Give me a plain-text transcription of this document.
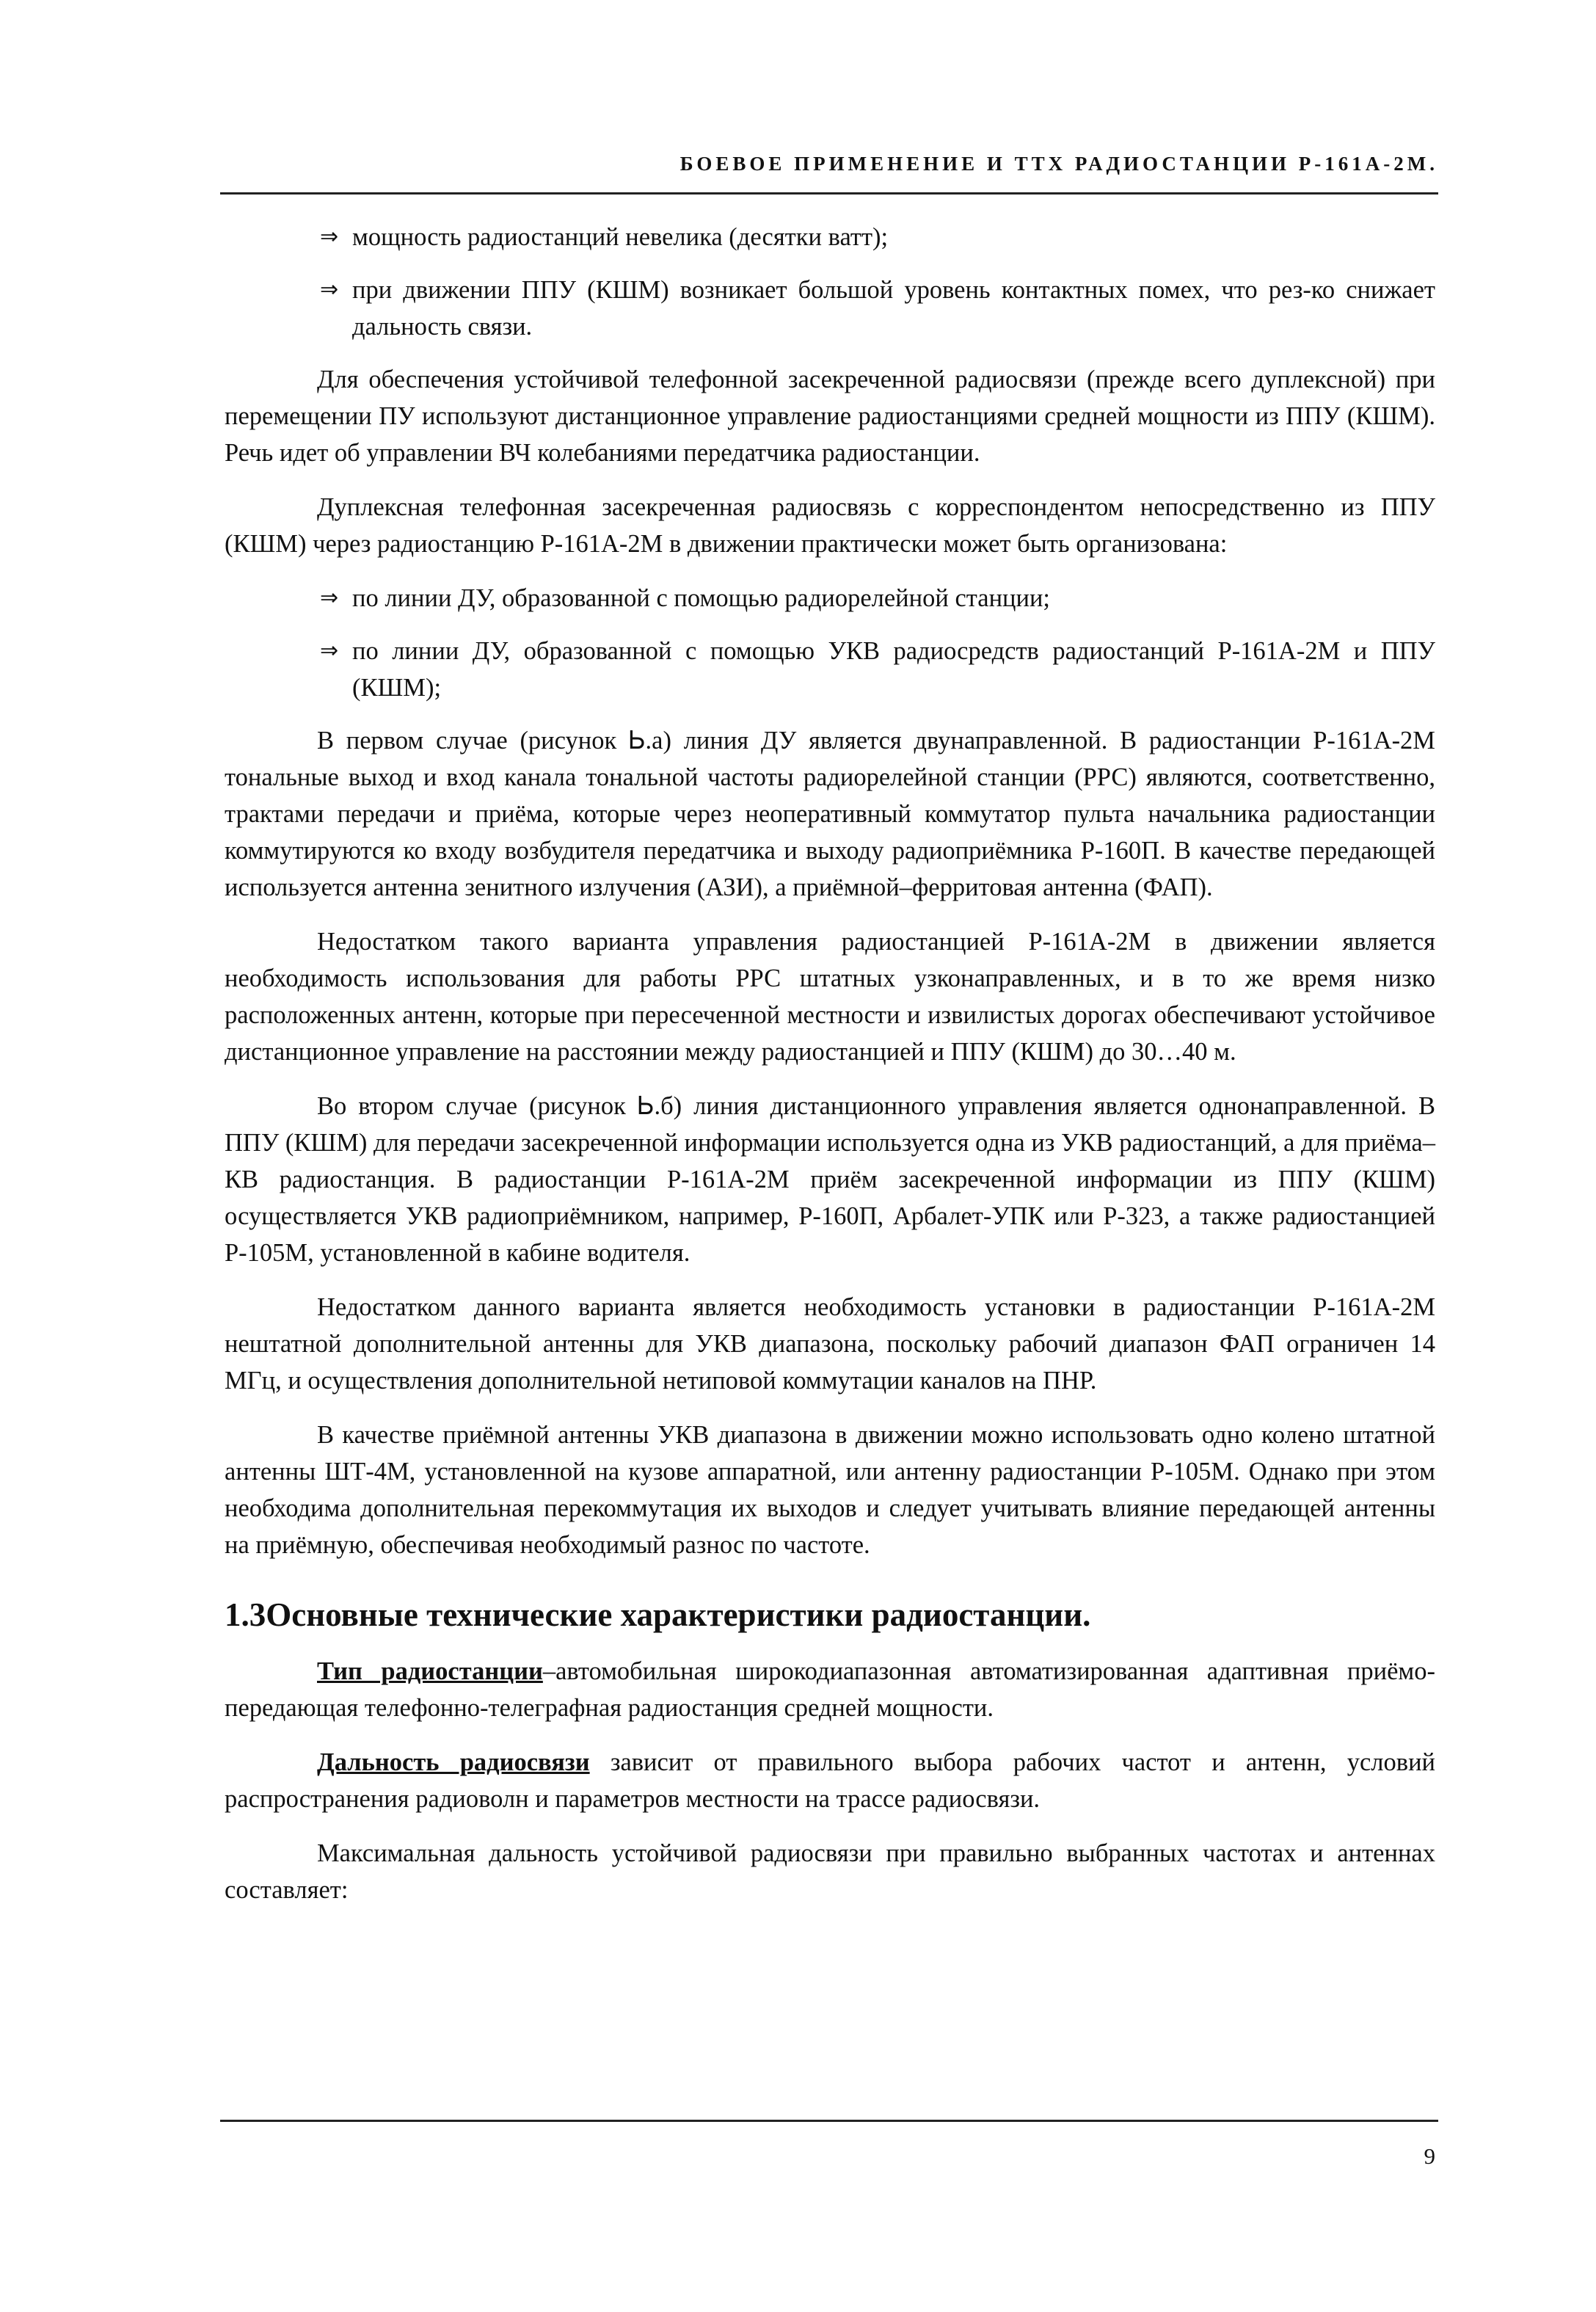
БОЕВОЕ ПРИМЕНЕНИЕ И ТТХ РАДИОСТАНЦИИ Р-161А-2М.
⇒ мощность радиостанций невелика (десятки ватт);
⇒ при движении ППУ (КШМ) возникает большой уровень контактных помех, что рез-ко снижает дальность связи.

Для обеспечения устойчивой телефонной засекреченной радиосвязи (прежде всего дуплексной) при перемещении ПУ используют дистанционное управление радиостанциями средней мощности из ППУ (КШМ). Речь идет об управлении ВЧ колебаниями передатчика радиостанции.

Дуплексная телефонная засекреченная радиосвязь с корреспондентом непосредственно из ППУ (КШМ) через радиостанцию Р-161А-2М в движении практически может быть организована:

⇒ по линии ДУ, образованной с помощью радиорелейной станции;
⇒ по линии ДУ, образованной с помощью УКВ радиосредств радиостанций Р-161А-2М и ППУ (КШМ);

В первом случае (рисунок Ꮟ.а) линия ДУ является двунаправленной. В радиостанции Р-161А-2М тональные выход и вход канала тональной частоты радиорелейной станции (РРС) являются, соответственно, трактами передачи и приёма, которые через неоперативный коммутатор пульта начальника радиостанции коммутируются ко входу возбудителя передатчика и выходу радиоприёмника Р-160П. В качестве передающей используется антенна зенитного излучения (АЗИ), а приёмной–ферритовая антенна (ФАП).

Недостатком такого варианта управления радиостанцией Р-161А-2М в движении является необходимость использования для работы РРС штатных узконаправленных, и в то же время низко расположенных антенн, которые при пересеченной местности и извилистых дорогах обеспечивают устойчивое дистанционное управление на расстоянии между радиостанцией и ППУ (КШМ) до 30…40 м.

Во втором случае (рисунок Ꮟ.б) линия дистанционного управления является однонаправленной. В ППУ (КШМ) для передачи засекреченной информации используется одна из УКВ радиостанций, а для приёма–КВ радиостанция. В радиостанции Р-161А-2М приём засекреченной информации из ППУ (КШМ) осуществляется УКВ радиоприёмником, например, Р-160П, Арбалет-УПК или Р-323, а также радиостанцией Р-105М, установленной в кабине водителя.

Недостатком данного варианта является необходимость установки в радиостанции Р-161А-2М нештатной дополнительной антенны для УКВ диапазона, поскольку рабочий диапазон ФАП ограничен 14 МГц, и осуществления дополнительной нетиповой коммутации каналов на ПНР.

В качестве приёмной антенны УКВ диапазона в движении можно использовать одно колено штатной антенны ШТ-4М, установленной на кузове аппаратной, или антенну радиостанции Р-105М. Однако при этом необходима дополнительная перекоммутация их выходов и следует учитывать влияние передающей антенны на приёмную, обеспечивая необходимый разнос по частоте.

1.3Основные технические характеристики радиостанции.

Тип радиостанции–автомобильная широкодиапазонная автоматизированная адаптивная приёмо-передающая телефонно-телеграфная радиостанция средней мощности.

Дальность радиосвязи зависит от правильного выбора рабочих частот и антенн, условий распространения радиоволн и параметров местности на трассе радиосвязи.

Максимальная дальность устойчивой радиосвязи при правильно выбранных частотах и антеннах составляет:

9
